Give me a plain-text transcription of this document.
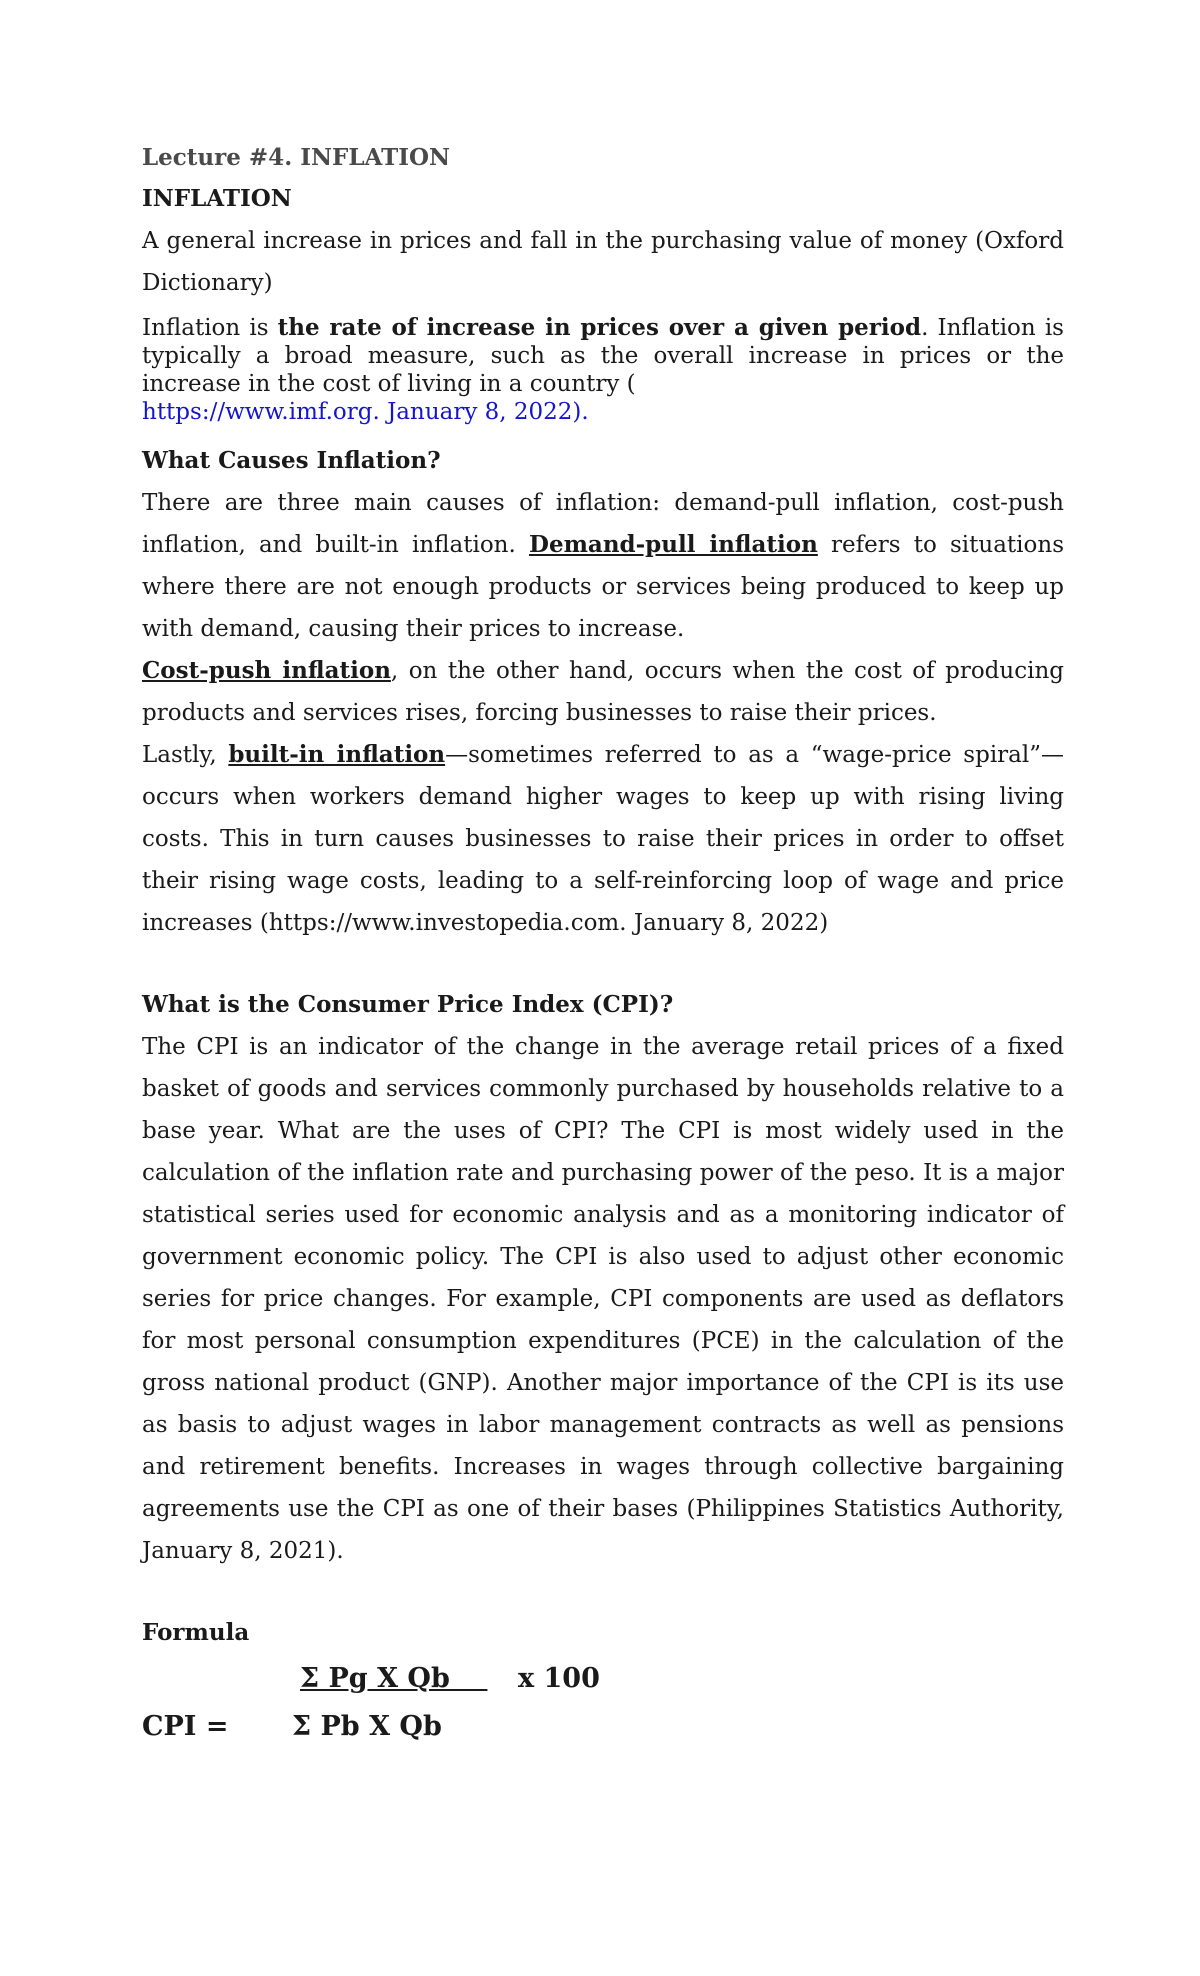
Lecture #4. INFLATION

INFLATION

A general increase in prices and fall in the purchasing value of money (Oxford Dictionary)

Inflation is the rate of increase in prices over a given period. Inflation is typically a broad measure, such as the overall increase in prices or the increase in the cost of living in a country (
https://www.imf.org. January 8, 2022).

What Causes Inflation?

There are three main causes of inflation: demand-pull inflation, cost-push inflation, and built-in inflation. Demand-pull inflation refers to situations where there are not enough products or services being produced to keep up with demand, causing their prices to increase.

Cost-push inflation, on the other hand, occurs when the cost of producing products and services rises, forcing businesses to raise their prices.

Lastly, built-in inflation—sometimes referred to as a “wage-price spiral”—occurs when workers demand higher wages to keep up with rising living costs. This in turn causes businesses to raise their prices in order to offset their rising wage costs, leading to a self-reinforcing loop of wage and price increases (https://www.investopedia.com. January 8, 2022)

What is the Consumer Price Index (CPI)?

The CPI is an indicator of the change in the average retail prices of a fixed basket of goods and services commonly purchased by households relative to a base year. What are the uses of CPI? The CPI is most widely used in the calculation of the inflation rate and purchasing power of the peso. It is a major statistical series used for economic analysis and as a monitoring indicator of government economic policy. The CPI is also used to adjust other economic series for price changes. For example, CPI components are used as deflators for most personal consumption expenditures (PCE) in the calculation of the gross national product (GNP). Another major importance of the CPI is its use as basis to adjust wages in labor management contracts as well as pensions and retirement benefits. Increases in wages through collective bargaining agreements use the CPI as one of their bases (Philippines Statistics Authority, January 8, 2021).

Formula

Σ Pg X Qb x 100
CPI = Σ Pb X Qb
